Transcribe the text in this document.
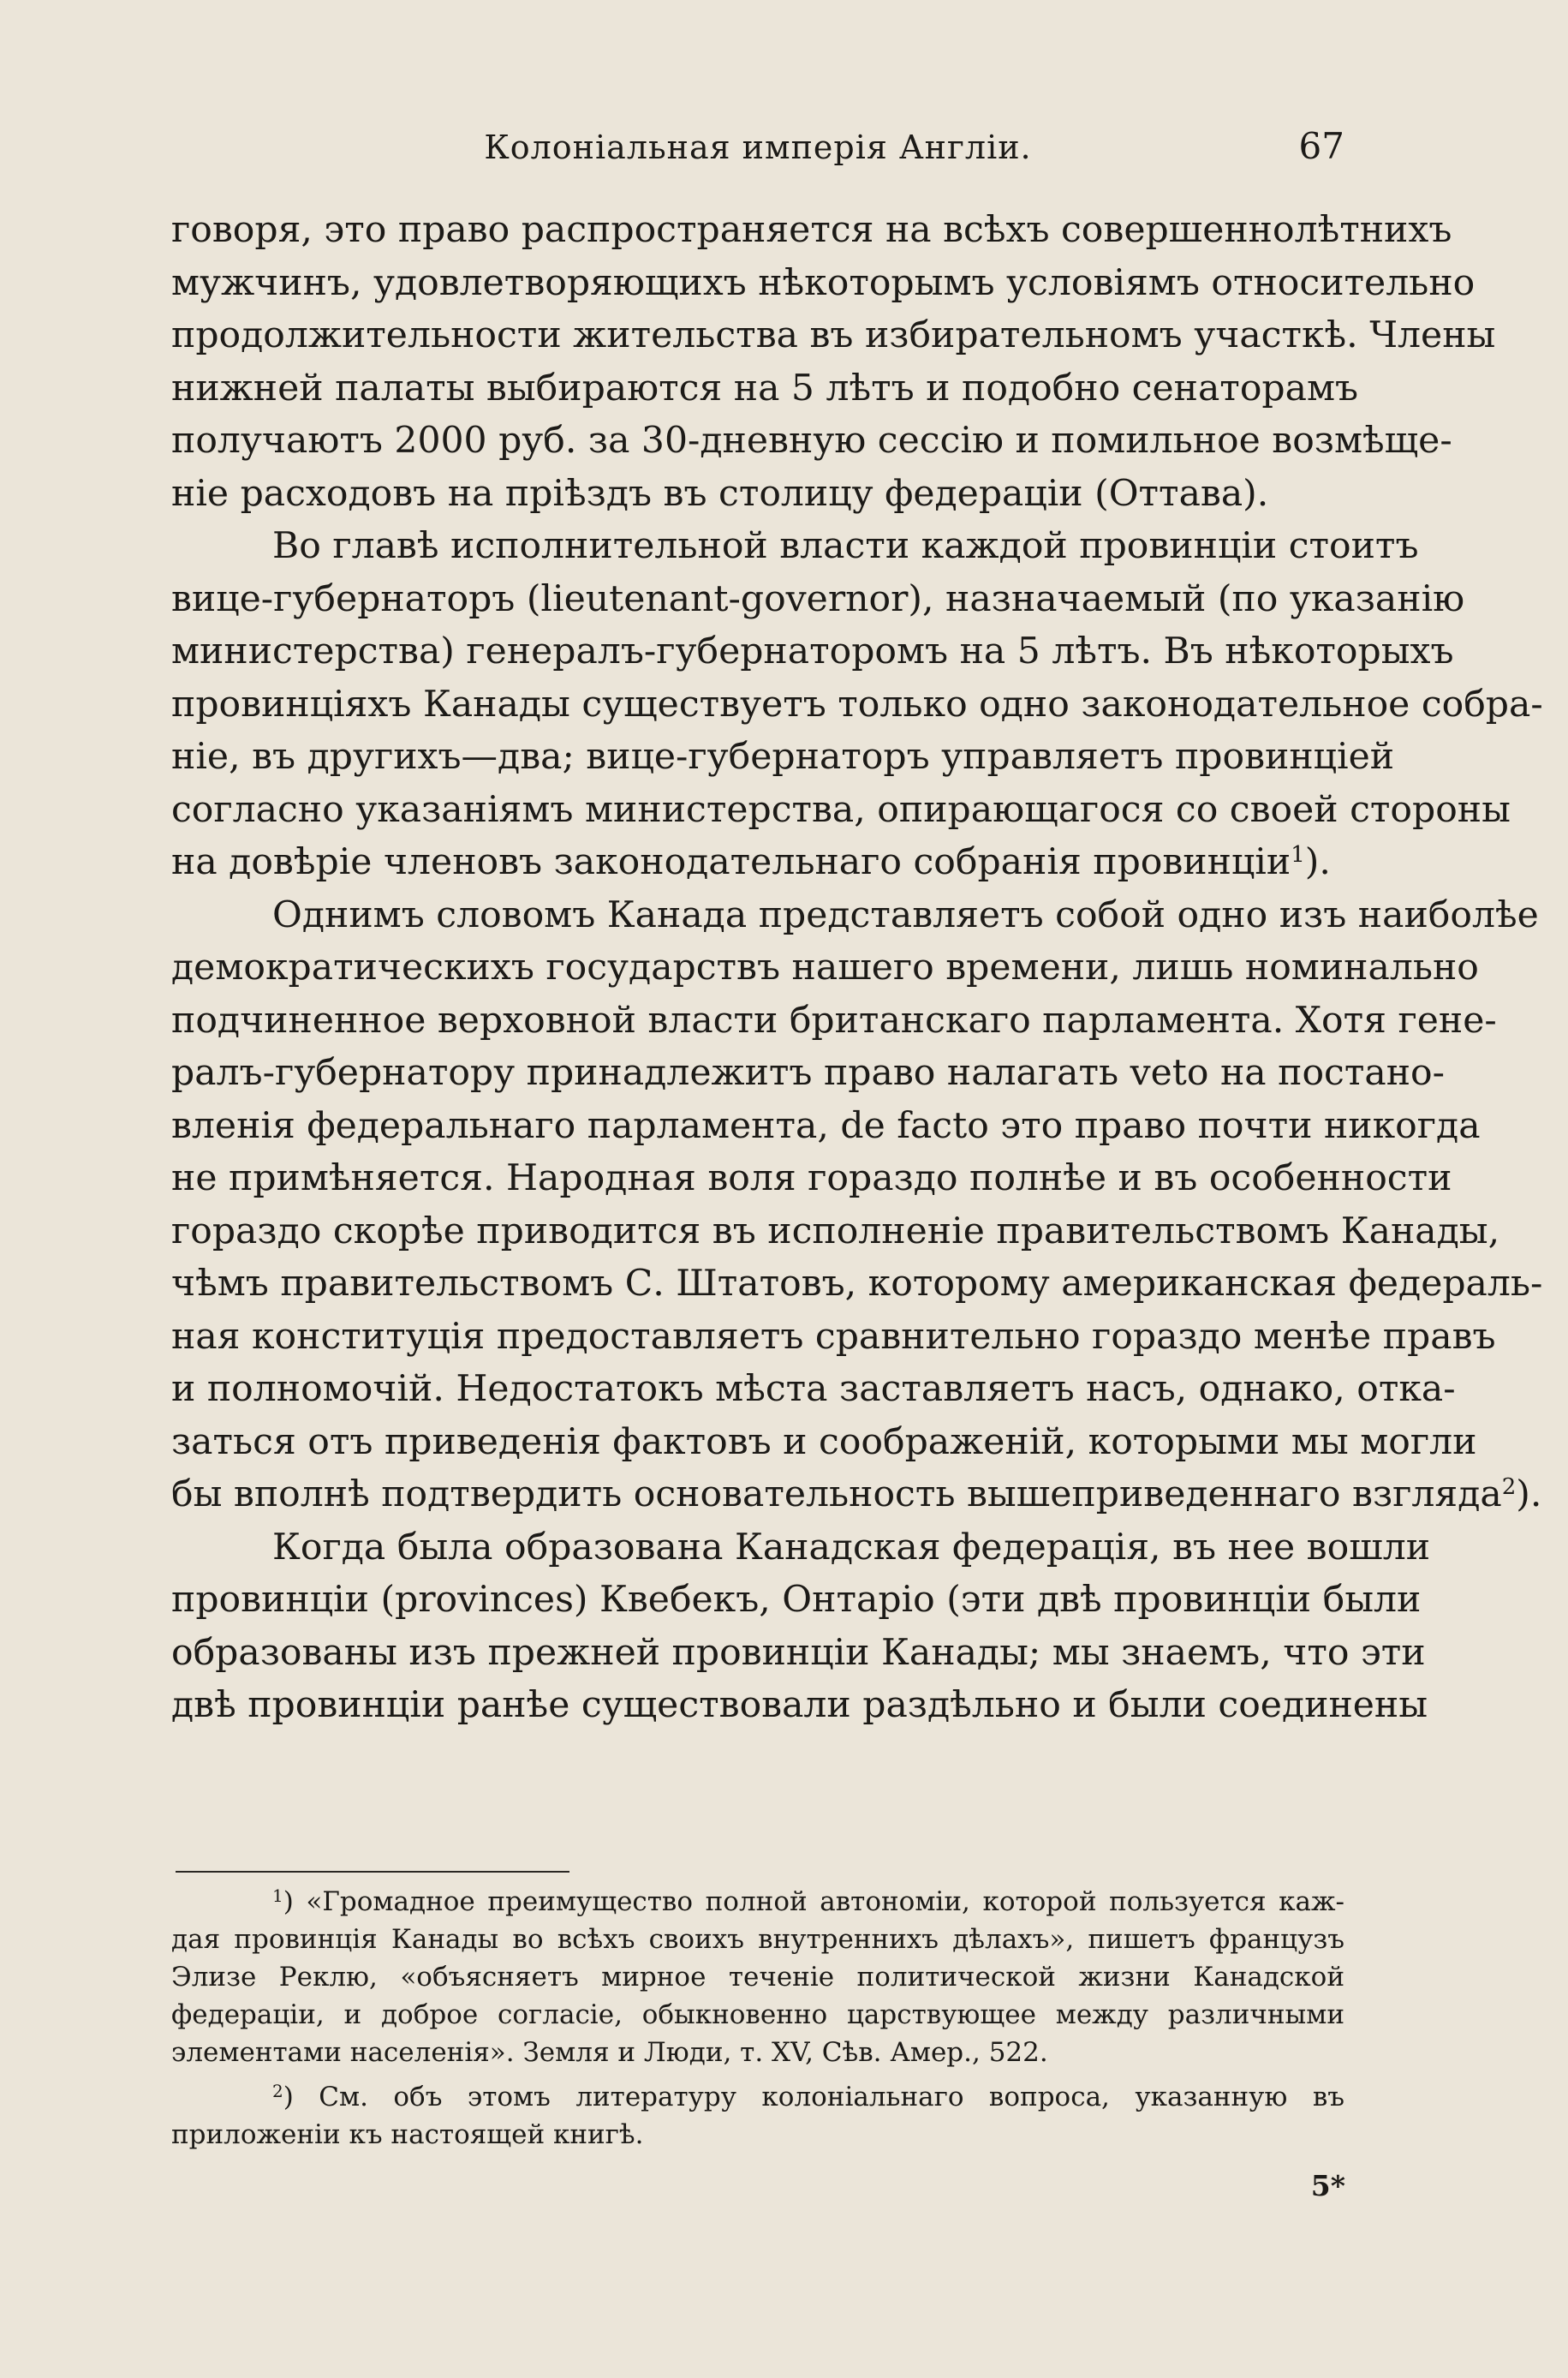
Колоніальная имперія Англіи.	67
говоря, это право распространяется на всѣхъ совершеннолѣтнихъ
мужчинъ, удовлетворяющихъ нѣкоторымъ условіямъ относительно
продолжительности жительства въ избирательномъ участкѣ. Члены
нижней палаты выбираются на 5 лѣтъ и подобно сенаторамъ
получаютъ 2000 руб. за 30-дневную сессію и помильное возмѣще-
ніе расходовъ на пріѣздъ въ столицу федераціи (Оттава).
Во главѣ исполнительной власти каждой провинціи стоитъ
вице-губернаторъ (lieutenant-governor), назначаемый (по указанію
министерства) генералъ-губернаторомъ на 5 лѣтъ. Въ нѣкоторыхъ
провинціяхъ Канады существуетъ только одно законодательное собра-
ніе, въ другихъ—два; вице-губернаторъ управляетъ провинціей
согласно указаніямъ министерства, опирающагося со своей стороны
на довѣріе членовъ законодательнаго собранія провинціи$^1$).
Однимъ словомъ Канада представляетъ собой одно изъ наиболѣе
демократическихъ государствъ нашего времени, лишь номинально
подчиненное верховной власти британскаго парламента. Хотя гене-
ралъ-губернатору принадлежитъ право налагать veto на постано-
вленія федеральнаго парламента, de facto это право почти никогда
не примѣняется. Народная воля гораздо полнѣе и въ особенности
гораздо скорѣе приводится въ исполненіе правительствомъ Канады,
чѣмъ правительствомъ С. Штатовъ, которому американская федераль-
ная конституція предоставляетъ сравнительно гораздо менѣе правъ
и полномочій. Недостатокъ мѣста заставляетъ насъ, однако, отка-
заться отъ приведенія фактовъ и соображеній, которыми мы могли
бы вполнѣ подтвердить основательность вышеприведеннаго взгляда$^2$).
Когда была образована Канадская федерація, въ нее вошли
провинціи (provinces) Квебекъ, Онтаріо (эти двѣ провинціи были
образованы изъ прежней провинціи Канады; мы знаемъ, что эти
двѣ провинціи ранѣе существовали раздѣльно и были соединены
$^1$) «Громадное преимущество полной автономіи, которой пользуется каж-
дая провинція Канады во всѣхъ своихъ внутреннихъ дѣлахъ», пишетъ французъ
Элизе Реклю, «объясняетъ мирное теченіе политической жизни Канадской
федераціи, и доброе согласіе, обыкновенно царствующее между различными
элементами населенія». Земля и Люди, т. XV, Сѣв. Амер., 522.
$^2$) См. объ этомъ литературу колоніальнаго вопроса, указанную въ
приложеніи къ настоящей книгѣ.
5*
